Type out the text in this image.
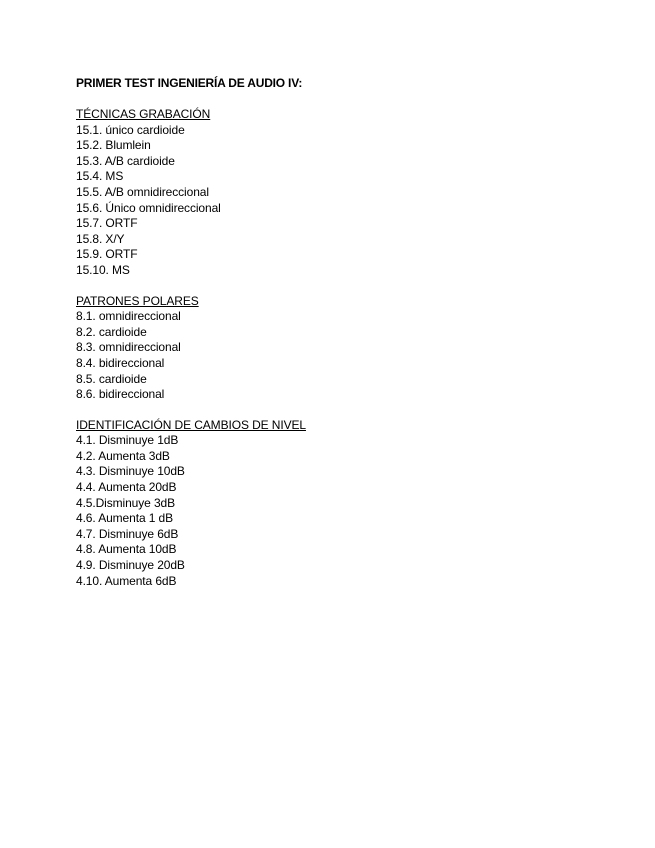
PRIMER TEST INGENIERÍA DE AUDIO IV:
TÉCNICAS GRABACIÓN
15.1. único cardioide
15.2. Blumlein
15.3. A/B cardioide
15.4. MS
15.5. A/B omnidireccional
15.6. Único omnidireccional
15.7. ORTF
15.8. X/Y
15.9. ORTF
15.10. MS
PATRONES POLARES
8.1. omnidireccional
8.2. cardioide
8.3. omnidireccional
8.4. bidireccional
8.5. cardioide
8.6. bidireccional
IDENTIFICACIÓN DE CAMBIOS DE NIVEL
4.1. Disminuye 1dB
4.2. Aumenta 3dB
4.3. Disminuye 10dB
4.4. Aumenta 20dB
4.5.Disminuye 3dB
4.6. Aumenta 1 dB
4.7. Disminuye 6dB
4.8. Aumenta 10dB
4.9. Disminuye 20dB
4.10. Aumenta 6dB
